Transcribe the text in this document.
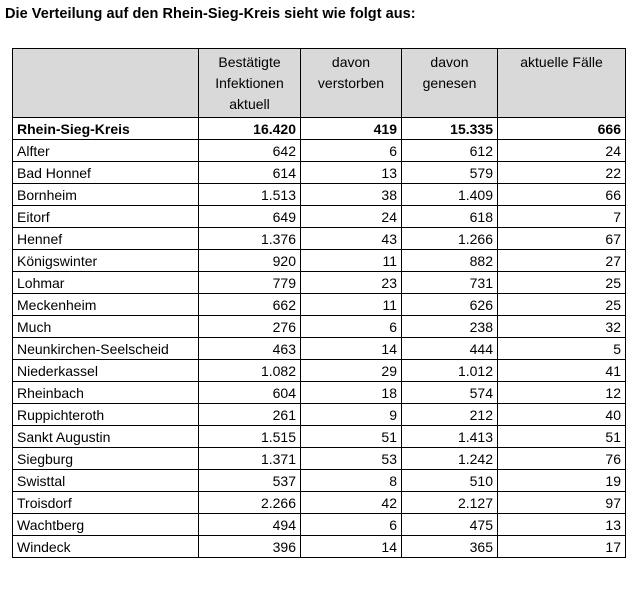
Die Verteilung auf den Rhein-Sieg-Kreis sieht wie folgt aus:
	Bestätigte Infektionen aktuell	davon verstorben	davon genesen	aktuelle Fälle
Rhein-Sieg-Kreis	16.420	419	15.335	666
Alfter	642	6	612	24
Bad Honnef	614	13	579	22
Bornheim	1.513	38	1.409	66
Eitorf	649	24	618	7
Hennef	1.376	43	1.266	67
Königswinter	920	11	882	27
Lohmar	779	23	731	25
Meckenheim	662	11	626	25
Much	276	6	238	32
Neunkirchen-Seelscheid	463	14	444	5
Niederkassel	1.082	29	1.012	41
Rheinbach	604	18	574	12
Ruppichteroth	261	9	212	40
Sankt Augustin	1.515	51	1.413	51
Siegburg	1.371	53	1.242	76
Swisttal	537	8	510	19
Troisdorf	2.266	42	2.127	97
Wachtberg	494	6	475	13
Windeck	396	14	365	17
